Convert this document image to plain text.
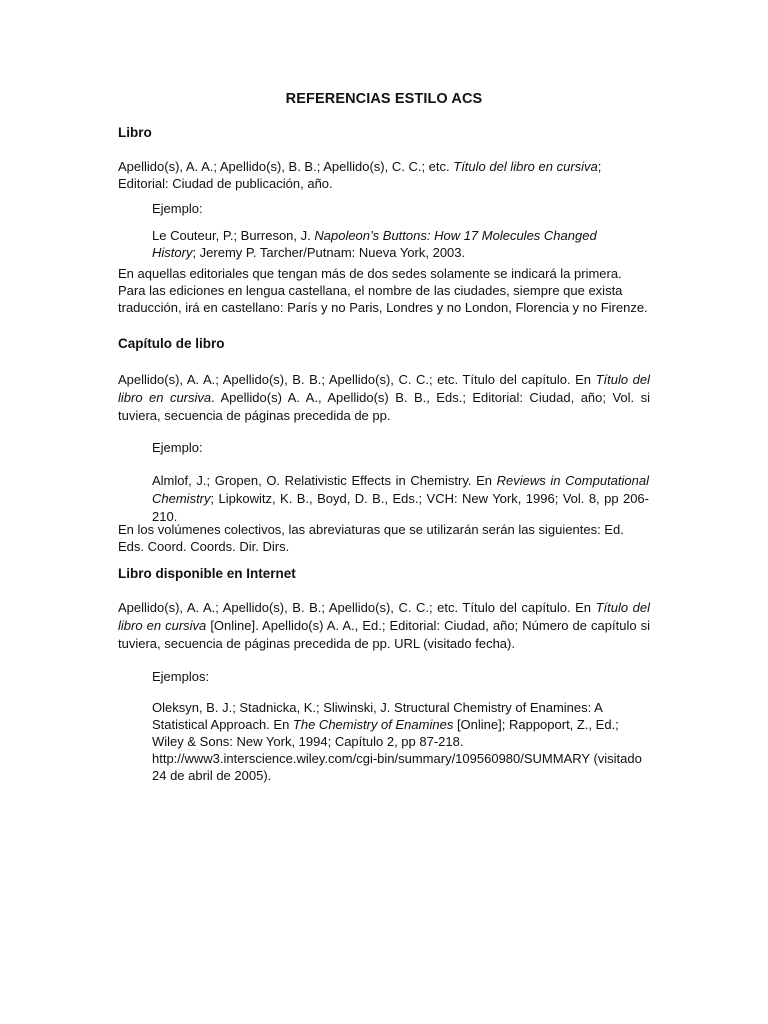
REFERENCIAS ESTILO ACS
Libro
Apellido(s), A. A.; Apellido(s), B. B.; Apellido(s), C. C.; etc. Título del libro en cursiva; Editorial: Ciudad de publicación, año.
Ejemplo:
Le Couteur, P.; Burreson, J. Napoleon’s Buttons: How 17 Molecules Changed History; Jeremy P. Tarcher/Putnam: Nueva York, 2003.
En aquellas editoriales que tengan más de dos sedes solamente se indicará la primera. Para las ediciones en lengua castellana, el nombre de las ciudades, siempre que exista traducción, irá en castellano: París y no Paris, Londres y no London, Florencia y no Firenze.
Capítulo de libro
Apellido(s), A. A.; Apellido(s), B. B.; Apellido(s), C. C.; etc. Título del capítulo. En Título del libro en cursiva. Apellido(s) A. A., Apellido(s) B. B., Eds.; Editorial: Ciudad, año; Vol. si tuviera, secuencia de páginas precedida de pp.
Ejemplo:
Almlof, J.; Gropen, O. Relativistic Effects in Chemistry. En Reviews in Computational Chemistry; Lipkowitz, K. B., Boyd, D. B., Eds.; VCH: New York, 1996; Vol. 8, pp 206-210.
En los volúmenes colectivos, las abreviaturas que se utilizarán serán las siguientes: Ed. Eds. Coord. Coords. Dir. Dirs.
Libro disponible en Internet
Apellido(s), A. A.; Apellido(s), B. B.; Apellido(s), C. C.; etc. Título del capítulo. En Título del libro en cursiva [Online]. Apellido(s) A. A., Ed.; Editorial: Ciudad, año; Número de capítulo si tuviera, secuencia de páginas precedida de pp. URL (visitado fecha).
Ejemplos:
Oleksyn, B. J.; Stadnicka, K.; Sliwinski, J. Structural Chemistry of Enamines: A Statistical Approach. En The Chemistry of Enamines [Online]; Rappoport, Z., Ed.; Wiley & Sons: New York, 1994; Capítulo 2, pp 87-218. http://www3.interscience.wiley.com/cgi-bin/summary/109560980/SUMMARY (visitado 24 de abril de 2005).
